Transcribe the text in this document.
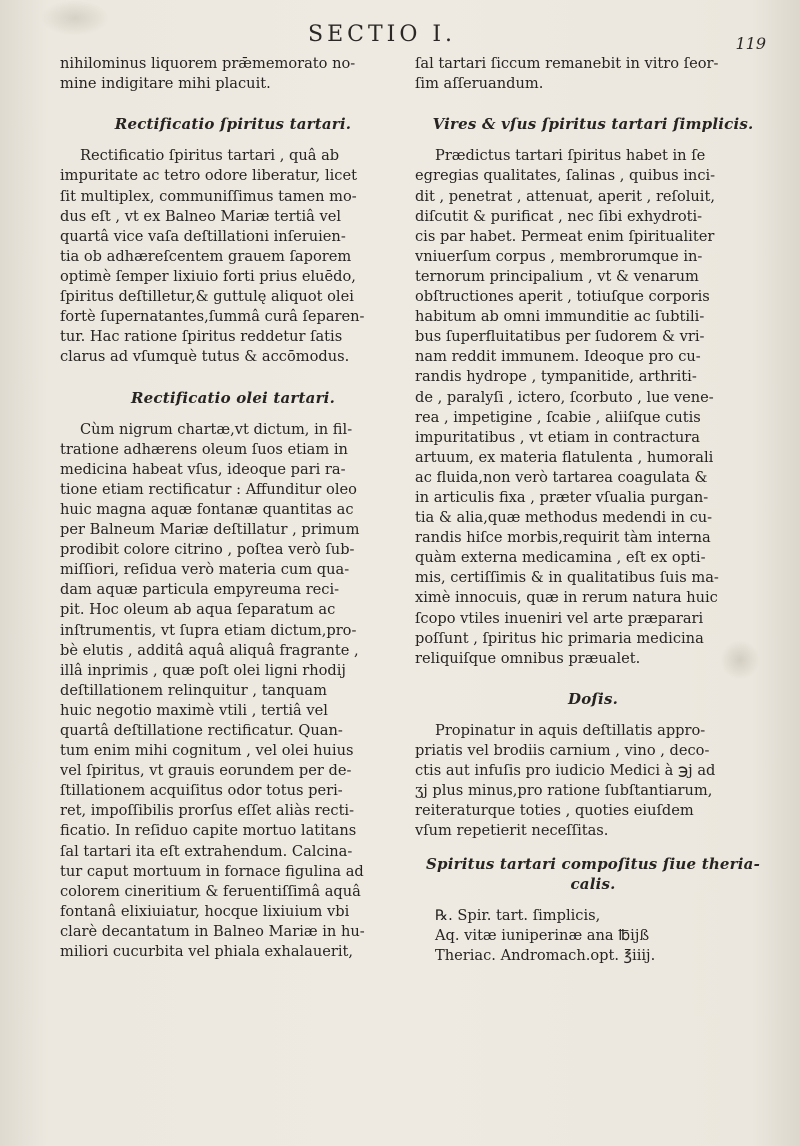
SECTIO I.	119
nihilominus liquorem prǣmemorato no-
mine indigitare mihi placuit.
Rectificatio ſpiritus tartari.
Rectificatio ſpiritus tartari , quâ ab
impuritate ac tetro odore liberatur, licet
ſit multiplex, communiſſimus tamen mo-
dus eſt , vt ex Balneo Mariæ tertiâ vel
quartâ vice vaſa deſtillationi inſeruien-
tia ob adhæreſcentem grauem ſaporem
optimè ſemper lixiuio forti prius eluēdo,
ſpiritus deſtilletur,& guttulę aliquot olei
fortè ſupernatantes,ſummâ curâ ſeparen-
tur. Hac ratione ſpiritus reddetur ſatis
clarus ad vſumquè tutus & accōmodus.
Rectificatio olei tartari.
Cùm nigrum chartæ,vt dictum, in fil-
tratione adhærens oleum ſuos etiam in
medicina habeat vſus, ideoque pari ra-
tione etiam rectificatur : Affunditur oleo
huic magna aquæ fontanæ quantitas ac
per Balneum Mariæ deſtillatur , primum
prodibit colore citrino , poſtea verò ſub-
miſſiori, reſidua verò materia cum qua-
dam aquæ particula empyreuma reci-
pit. Hoc oleum ab aqua ſeparatum ac
inſtrumentis, vt ſupra etiam dictum,pro-
bè elutis , additâ aquâ aliquâ fragrante ,
illâ inprimis , quæ poſt olei ligni rhodij
deſtillationem relinquitur , tanquam
huic negotio maximè vtili , tertiâ vel
quartâ deſtillatione rectificatur. Quan-
tum enim mihi cognitum , vel olei huius
vel ſpiritus, vt grauis eorundem per de-
ſtillationem acquiſitus odor totus peri-
ret, impoſſibilis prorſus eſſet aliàs recti-
ficatio. In reſiduo capite mortuo latitans
ſal tartari ita eſt extrahendum. Calcina-
tur caput mortuum in fornace figulina ad
colorem cineritium & feruentiſſimâ aquâ
fontanâ elixiuiatur, hocque lixiuium vbi
clarè decantatum in Balneo Mariæ in hu-
miliori cucurbita vel phiala exhalauerit,
ſal tartari ſiccum remanebit in vitro ſeor-
ſim aſſeruandum.
Vires & vſus ſpiritus tartari ſimplicis.
Prædictus tartari ſpiritus habet in ſe
egregias qualitates, ſalinas , quibus inci-
dit , penetrat , attenuat, aperit , reſoluit,
diſcutit & purificat , nec ſibi exhydroti-
cis par habet. Permeat enim ſpiritualiter
vniuerſum corpus , membrorumque in-
ternorum principalium , vt & venarum
obſtructiones aperit , totiuſque corporis
habitum ab omni immunditie ac ſubtili-
bus ſuperfluitatibus per ſudorem & vri-
nam reddit immunem. Ideoque pro cu-
randis hydrope , tympanitide, arthriti-
de , paralyſi , ictero, ſcorbuto , lue vene-
rea , impetigine , ſcabie , aliiſque cutis
impuritatibus , vt etiam in contractura
artuum, ex materia flatulenta , humorali
ac fluida,non verò tartarea coagulata &
in articulis fixa , præter vſualia purgan-
tia & alia,quæ methodus medendi in cu-
randis hiſce morbis,requirit tàm interna
quàm externa medicamina , eſt ex opti-
mis, certiſſimis & in qualitatibus ſuis ma-
ximè innocuis, quæ in rerum natura huic
ſcopo vtiles inueniri vel arte præparari
poſſunt , ſpiritus hic primaria medicina
reliquiſque omnibus præualet.
Doſis.
Propinatur in aquis deſtillatis appro-
priatis vel brodiis carnium , vino , deco-
ctis aut infuſis pro iudicio Medici à ℈j ad
ʒj plus minus,pro ratione ſubſtantiarum,
reiteraturque toties , quoties eiuſdem
vſum repetierit neceſſitas.
Spiritus tartari compoſitus ſiue theria-
calis.
℞. Spir. tart. ſimplicis,
Aq. vitæ iuniperinæ ana ℔ijß
Theriac. Andromach.opt. ℥iiij.
